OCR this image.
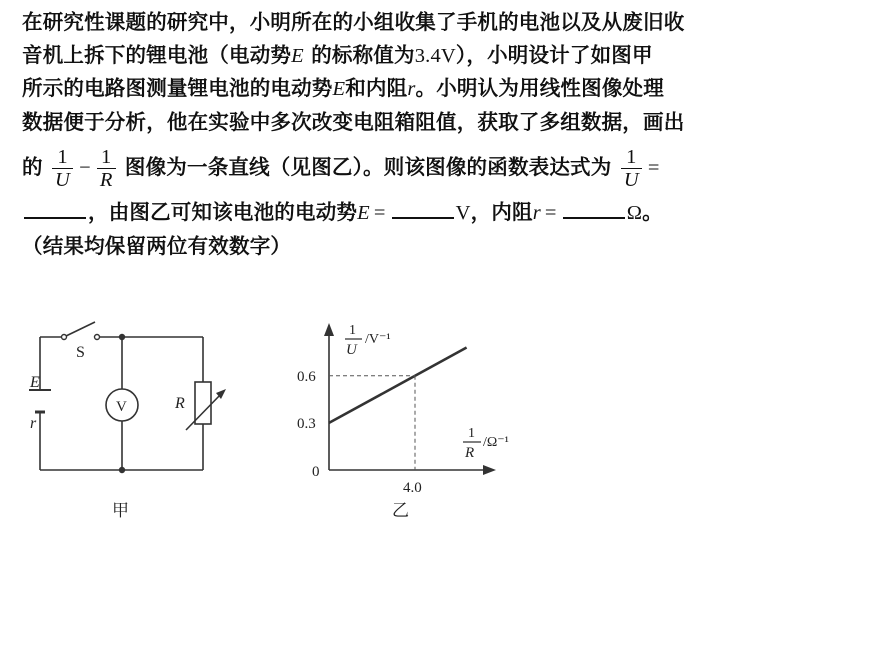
在研究性课题的研究中，小明所在的小组收集了手机的电池以及从废旧收
音机上拆下的锂电池（电动势E 的标称值为3.4V），小明设计了如图甲
所示的电路图测量锂电池的电动势E和内阻r。小明认为用线性图像处理
数据便于分析，他在实验中多次改变电阻箱阻值，获取了多组数据，画出
的 $\frac{1}{U} - \frac{1}{R}$ 图像为一条直线（见图乙）。则该图像的函数表达式为 $\frac{1}{U}$ =
，由图乙可知该电池的电动势E =	V，内阻r =	Ω。
（结果均保留两位有效数字）
E
r
S
V	R
甲
0.6
0.3
4.0
1
U
/V⁻¹
1
R
/Ω⁻¹
0
乙
